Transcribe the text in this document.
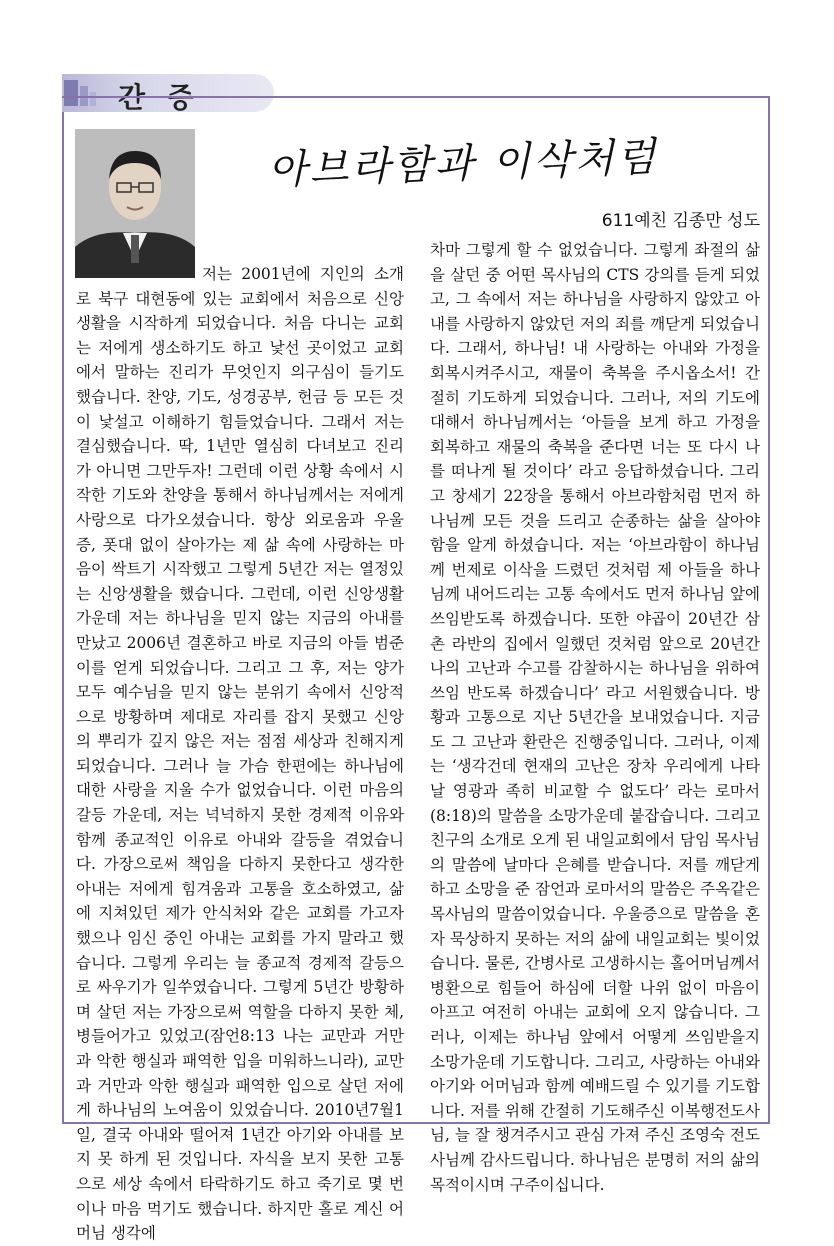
간 증
아브라함과 이삭처럼
611예친 김종만 성도
저는 2001년에 지인의 소개로 북구 대현동에 있는 교회에서 처음으로 신앙생활을 시작하게 되었습니다. 처음 다니는 교회는 저에게 생소하기도 하고 낯선 곳이었고 교회에서 말하는 진리가 무엇인지 의구심이 들기도 했습니다. 찬양, 기도, 성경공부, 헌금 등 모든 것이 낯설고 이해하기 힘들었습니다. 그래서 저는 결심했습니다. 딱, 1년만 열심히 다녀보고 진리가 아니면 그만두자! 그런데 이런 상황 속에서 시작한 기도와 찬양을 통해서 하나님께서는 저에게 사랑으로 다가오셨습니다. 항상 외로움과 우울증, 폿대 없이 살아가는 제 삶 속에 사랑하는 마음이 싹트기 시작했고 그렇게 5년간 저는 열정있는 신앙생활을 했습니다. 그런데, 이런 신앙생활 가운데 저는 하나님을 믿지 않는 지금의 아내를 만났고 2006년 결혼하고 바로 지금의 아들 범준이를 얻게 되었습니다. 그리고 그 후, 저는 양가 모두 예수님을 믿지 않는 분위기 속에서 신앙적으로 방황하며 제대로 자리를 잡지 못했고 신앙의 뿌리가 깊지 않은 저는 점점 세상과 친해지게 되었습니다. 그러나 늘 가슴 한편에는 하나님에 대한 사랑을 지울 수가 없었습니다. 이런 마음의 갈등 가운데, 저는 넉넉하지 못한 경제적 이유와 함께 종교적인 이유로 아내와 갈등을 겪었습니다. 가장으로써 책임을 다하지 못한다고 생각한 아내는 저에게 힘겨움과 고통을 호소하였고, 삶에 지쳐있던 제가 안식처와 같은 교회를 가고자 했으나 임신 중인 아내는 교회를 가지 말라고 했습니다. 그렇게 우리는 늘 종교적 경제적 갈등으로 싸우기가 일쑤였습니다. 그렇게 5년간 방황하며 살던 저는 가장으로써 역할을 다하지 못한 체, 병들어가고 있었고(잠언8:13 나는 교만과 거만과 악한 행실과 패역한 입을 미워하느니라), 교만과 거만과 악한 행실과 패역한 입으로 살던 저에게 하나님의 노여움이 있었습니다. 2010년7월1일, 결국 아내와 떨어져 1년간 아기와 아내를 보지 못 하게 된 것입니다. 자식을 보지 못한 고통으로 세상 속에서 타락하기도 하고 죽기로 몇 번이나 마음 먹기도 했습니다. 하지만 홀로 계신 어머님 생각에
차마 그렇게 할 수 없었습니다. 그렇게 좌절의 삶을 살던 중 어떤 목사님의 CTS 강의를 듣게 되었고, 그 속에서 저는 하나님을 사랑하지 않았고 아내를 사랑하지 않았던 저의 죄를 깨닫게 되었습니다. 그래서, 하나님! 내 사랑하는 아내와 가정을 회복시켜주시고, 재물이 축복을 주시옵소서! 간절히 기도하게 되었습니다. 그러나, 저의 기도에 대해서 하나님께서는 ‘아들을 보게 하고 가정을 회복하고 재물의 축복을 준다면 너는 또 다시 나를 떠나게 될 것이다’ 라고 응답하셨습니다. 그리고 창세기 22장을 통해서 아브라함처럼 먼저 하나님께 모든 것을 드리고 순종하는 삶을 살아야 함을 알게 하셨습니다. 저는 ‘아브라함이 하나님께 번제로 이삭을 드렸던 것처럼 제 아들을 하나님께 내어드리는 고통 속에서도 먼저 하나님 앞에 쓰임받도록 하겠습니다. 또한 야곱이 20년간 삼촌 라반의 집에서 일했던 것처럼 앞으로 20년간 나의 고난과 수고를 감찰하시는 하나님을 위하여 쓰임 반도록 하겠습니다’ 라고 서원했습니다. 방황과 고통으로 지난 5년간을 보내었습니다. 지금도 그 고난과 환란은 진행중입니다. 그러나, 이제는 ‘생각건데 현재의 고난은 장차 우리에게 나타날 영광과 족히 비교할 수 없도다’ 라는 로마서(8:18)의 말씀을 소망가운데 붙잡습니다. 그리고 친구의 소개로 오게 된 내일교회에서 담임 목사님의 말씀에 날마다 은혜를 받습니다. 저를 깨닫게 하고 소망을 준 잠언과 로마서의 말씀은 주옥같은 목사님의 말씀이었습니다. 우울증으로 말씀을 혼자 묵상하지 못하는 저의 삶에 내일교회는 빛이었습니다. 물론, 간병사로 고생하시는 홀어머님께서 병환으로 힘들어 하심에 더할 나위 없이 마음이 아프고 여전히 아내는 교회에 오지 않습니다. 그러나, 이제는 하나님 앞에서 어떻게 쓰임받을지 소망가운데 기도합니다. 그리고, 사랑하는 아내와 아기와 어머님과 함께 예배드릴 수 있기를 기도합니다. 저를 위해 간절히 기도해주신 이복행전도사님, 늘 잘 챙겨주시고 관심 가져 주신 조영숙 전도사님께 감사드립니다. 하나님은 분명히 저의 삶의 목적이시며 구주이십니다.
